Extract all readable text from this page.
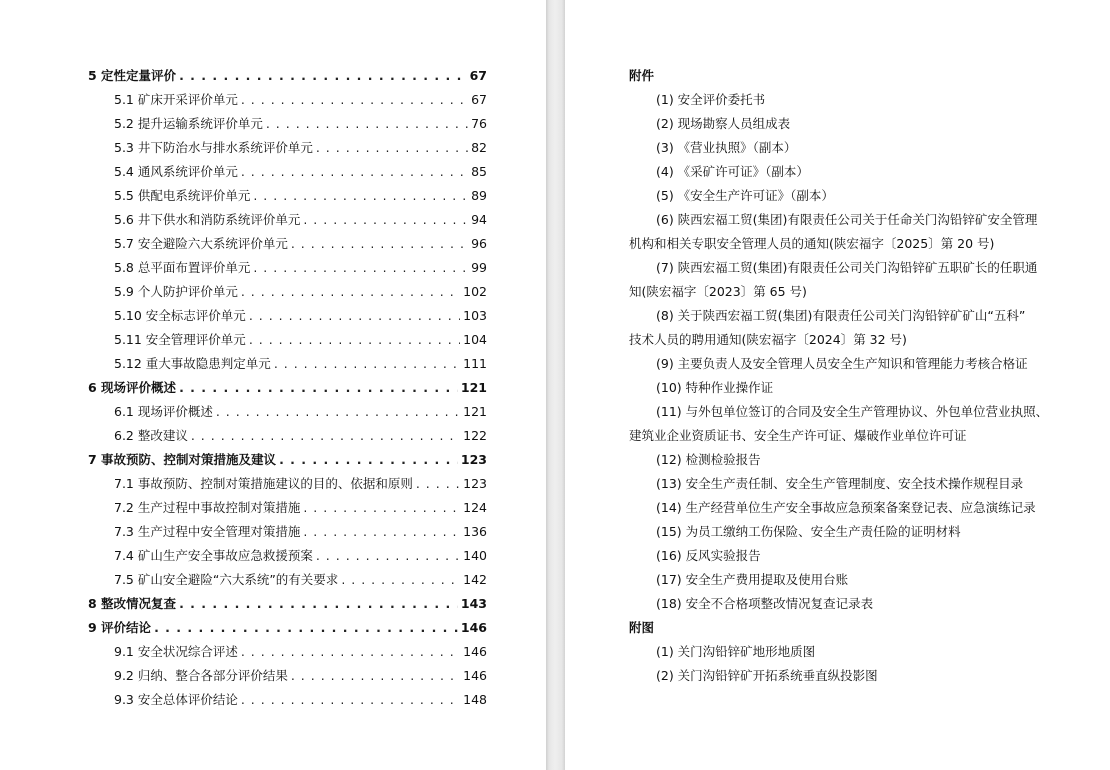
5 定性定量评价 . . .	67
5.1 矿床开采评价单元 . . .	67
5.2 提升运输系统评价单元 . . .	76
5.3 井下防治水与排水系统评价单元 . . .	82
5.4 通风系统评价单元 . . .	85
5.5 供配电系统评价单元 . . .	89
5.6 井下供水和消防系统评价单元 . . .	94
5.7 安全避险六大系统评价单元 . . .	96
5.8 总平面布置评价单元 . . .	99
5.9 个人防护评价单元 . . .	102
5.10 安全标志评价单元 . . .	103
5.11 安全管理评价单元 . . .	104
5.12 重大事故隐患判定单元 . . .	111
6 现场评价概述 . . .	121
6.1 现场评价概述 . . .	121
6.2 整改建议 . . .	122
7 事故预防、控制对策措施及建议 . . .	123
7.1 事故预防、控制对策措施建议的目的、依据和原则 . . .	123
7.2 生产过程中事故控制对策措施 . . .	124
7.3 生产过程中安全管理对策措施 . . .	136
7.4 矿山生产安全事故应急救援预案 . . .	140
7.5 矿山安全避险“六大系统”的有关要求 . . .	142
8 整改情况复查 . . .	143
9 评价结论 . . .	146
9.1 安全状况综合评述 . . .	146
9.2 归纳、整合各部分评价结果 . . .	146
9.3 安全总体评价结论 . . .	148
附件
(1) 安全评价委托书
(2) 现场勘察人员组成表
(3) 《营业执照》（副本）
(4) 《采矿许可证》（副本）
(5) 《安全生产许可证》（副本）
(6) 陕西宏福工贸(集团)有限责任公司关于任命关门沟铅锌矿安全管理
机构和相关专职安全管理人员的通知(陕宏福字〔2025〕第 20 号)
(7) 陕西宏福工贸(集团)有限责任公司关门沟铅锌矿五职矿长的任职通
知(陕宏福字〔2023〕第 65 号)
(8) 关于陕西宏福工贸(集团)有限责任公司关门沟铅锌矿矿山“五科”
技术人员的聘用通知(陕宏福字〔2024〕第 32 号)
(9) 主要负责人及安全管理人员安全生产知识和管理能力考核合格证
(10) 特种作业操作证
(11) 与外包单位签订的合同及安全生产管理协议、外包单位营业执照、
建筑业企业资质证书、安全生产许可证、爆破作业单位许可证
(12) 检测检验报告
(13) 安全生产责任制、安全生产管理制度、安全技术操作规程目录
(14) 生产经营单位生产安全事故应急预案备案登记表、应急演练记录
(15) 为员工缴纳工伤保险、安全生产责任险的证明材料
(16) 反风实验报告
(17) 安全生产费用提取及使用台账
(18) 安全不合格项整改情况复查记录表
附图
(1) 关门沟铅锌矿地形地质图
(2) 关门沟铅锌矿开拓系统垂直纵投影图
